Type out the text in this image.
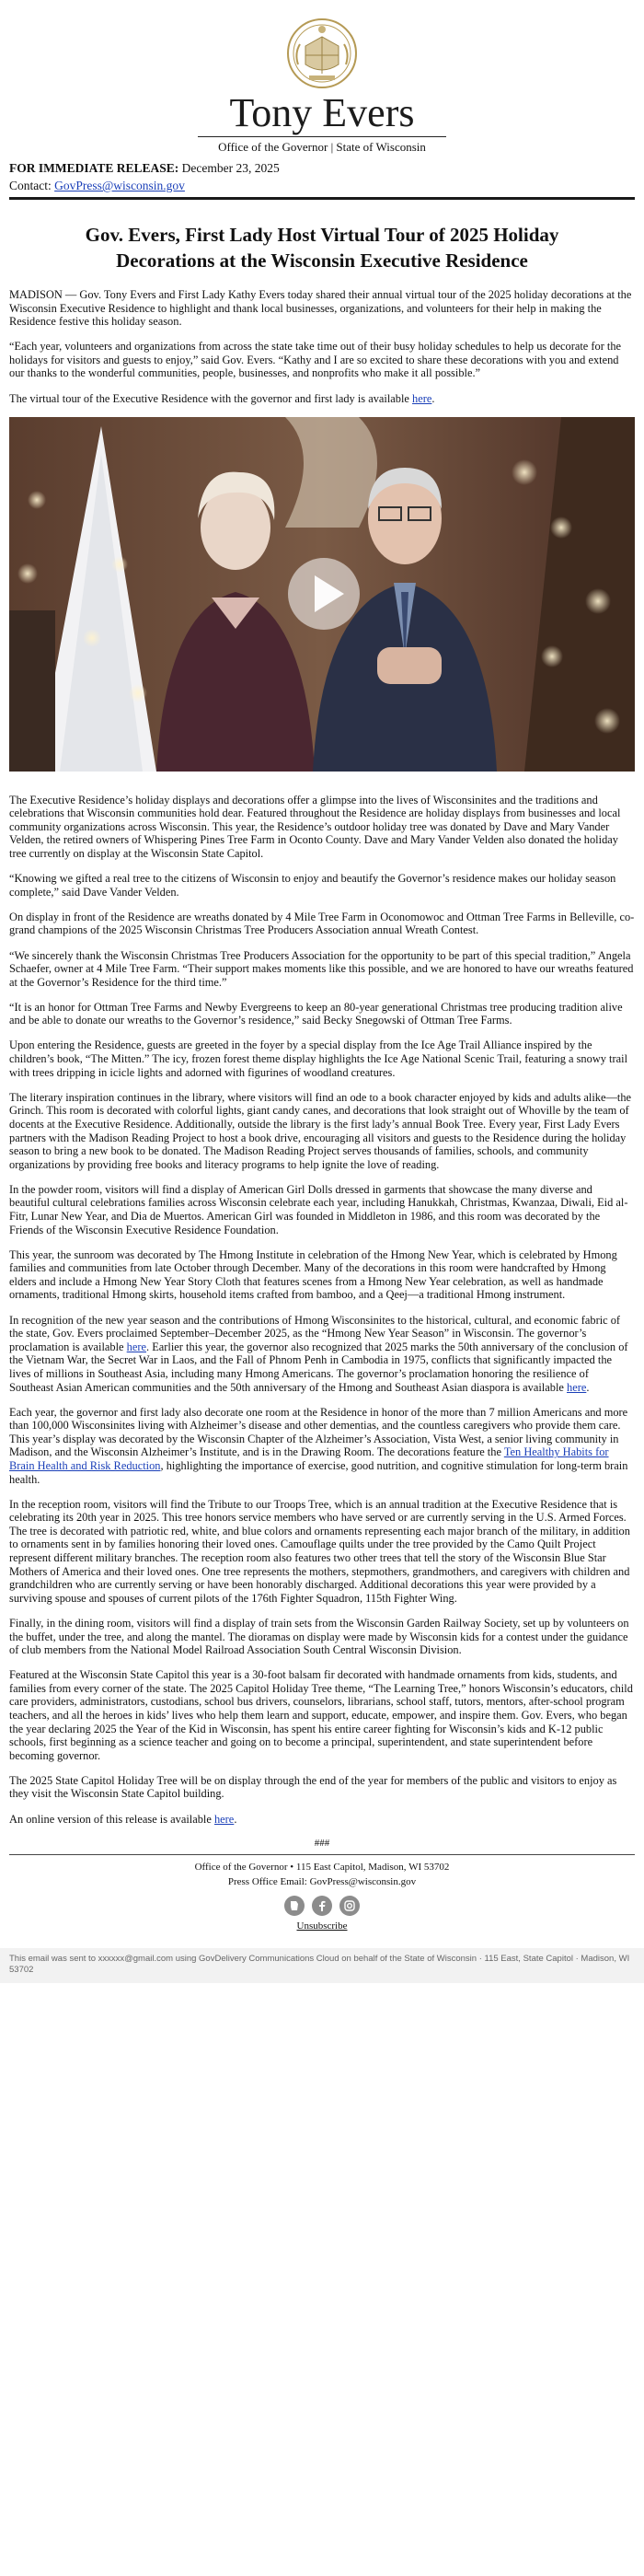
Tony Evers
Office of the Governor | State of Wisconsin

FOR IMMEDIATE RELEASE: December 23, 2025

Contact: GovPress@wisconsin.gov

Gov. Evers, First Lady Host Virtual Tour of 2025 Holiday Decorations at the Wisconsin Executive Residence

MADISON — Gov. Tony Evers and First Lady Kathy Evers today shared their annual virtual tour of the 2025 holiday decorations at the Wisconsin Executive Residence to highlight and thank local businesses, organizations, and volunteers for their help in making the Residence festive this holiday season.

“Each year, volunteers and organizations from across the state take time out of their busy holiday schedules to help us decorate for the holidays for visitors and guests to enjoy,” said Gov. Evers. “Kathy and I are so excited to share these decorations with you and extend our thanks to the wonderful communities, people, businesses, and nonprofits who make it all possible.”

The virtual tour of the Executive Residence with the governor and first lady is available here.

The Executive Residence’s holiday displays and decorations offer a glimpse into the lives of Wisconsinites and the traditions and celebrations that Wisconsin communities hold dear. Featured throughout the Residence are holiday displays from businesses and local community organizations across Wisconsin. This year, the Residence’s outdoor holiday tree was donated by Dave and Mary Vander Velden, the retired owners of Whispering Pines Tree Farm in Oconto County. Dave and Mary Vander Velden also donated the holiday tree currently on display at the Wisconsin State Capitol.

“Knowing we gifted a real tree to the citizens of Wisconsin to enjoy and beautify the Governor’s residence makes our holiday season complete,” said Dave Vander Velden.

On display in front of the Residence are wreaths donated by 4 Mile Tree Farm in Oconomowoc and Ottman Tree Farms in Belleville, co-grand champions of the 2025 Wisconsin Christmas Tree Producers Association annual Wreath Contest.

“We sincerely thank the Wisconsin Christmas Tree Producers Association for the opportunity to be part of this special tradition,” Angela Schaefer, owner at 4 Mile Tree Farm. “Their support makes moments like this possible, and we are honored to have our wreaths featured at the Governor’s Residence for the third time.”

“It is an honor for Ottman Tree Farms and Newby Evergreens to keep an 80-year generational Christmas tree producing tradition alive and be able to donate our wreaths to the Governor’s residence,” said Becky Snegowski of Ottman Tree Farms.

Upon entering the Residence, guests are greeted in the foyer by a special display from the Ice Age Trail Alliance inspired by the children’s book, “The Mitten.” The icy, frozen forest theme display highlights the Ice Age National Scenic Trail, featuring a snowy trail with trees dripping in icicle lights and adorned with figurines of woodland creatures.

The literary inspiration continues in the library, where visitors will find an ode to a book character enjoyed by kids and adults alike—the Grinch. This room is decorated with colorful lights, giant candy canes, and decorations that look straight out of Whoville by the team of docents at the Executive Residence. Additionally, outside the library is the first lady’s annual Book Tree. Every year, First Lady Evers partners with the Madison Reading Project to host a book drive, encouraging all visitors and guests to the Residence during the holiday season to bring a new book to be donated. The Madison Reading Project serves thousands of families, schools, and community organizations by providing free books and literacy programs to help ignite the love of reading.

In the powder room, visitors will find a display of American Girl Dolls dressed in garments that showcase the many diverse and beautiful cultural celebrations families across Wisconsin celebrate each year, including Hanukkah, Christmas, Kwanzaa, Diwali, Eid al-Fitr, Lunar New Year, and Dia de Muertos. American Girl was founded in Middleton in 1986, and this room was decorated by the Friends of the Wisconsin Executive Residence Foundation.

This year, the sunroom was decorated by The Hmong Institute in celebration of the Hmong New Year, which is celebrated by Hmong families and communities from late October through December. Many of the decorations in this room were handcrafted by Hmong elders and include a Hmong New Year Story Cloth that features scenes from a Hmong New Year celebration, as well as handmade ornaments, traditional Hmong skirts, household items crafted from bamboo, and a Qeej—a traditional Hmong instrument.

In recognition of the new year season and the contributions of Hmong Wisconsinites to the historical, cultural, and economic fabric of the state, Gov. Evers proclaimed September–December 2025, as the “Hmong New Year Season” in Wisconsin. The governor’s proclamation is available here. Earlier this year, the governor also recognized that 2025 marks the 50th anniversary of the conclusion of the Vietnam War, the Secret War in Laos, and the Fall of Phnom Penh in Cambodia in 1975, conflicts that significantly impacted the lives of millions in Southeast Asia, including many Hmong Americans. The governor’s proclamation honoring the resilience of Southeast Asian American communities and the 50th anniversary of the Hmong and Southeast Asian diaspora is available here.

Each year, the governor and first lady also decorate one room at the Residence in honor of the more than 7 million Americans and more than 100,000 Wisconsinites living with Alzheimer’s disease and other dementias, and the countless caregivers who provide them care. This year’s display was decorated by the Wisconsin Chapter of the Alzheimer’s Association, Vista West, a senior living community in Madison, and the Wisconsin Alzheimer’s Institute, and is in the Drawing Room. The decorations feature the Ten Healthy Habits for Brain Health and Risk Reduction, highlighting the importance of exercise, good nutrition, and cognitive stimulation for long-term brain health.

In the reception room, visitors will find the Tribute to our Troops Tree, which is an annual tradition at the Executive Residence that is celebrating its 20th year in 2025. This tree honors service members who have served or are currently serving in the U.S. Armed Forces. The tree is decorated with patriotic red, white, and blue colors and ornaments representing each major branch of the military, in addition to ornaments sent in by families honoring their loved ones. Camouflage quilts under the tree provided by the Camo Quilt Project represent different military branches. The reception room also features two other trees that tell the story of the Wisconsin Blue Star Mothers of America and their loved ones. One tree represents the mothers, stepmothers, grandmothers, and caregivers with children and grandchildren who are currently serving or have been honorably discharged. Additional decorations this year were provided by a surviving spouse and spouses of current pilots of the 176th Fighter Squadron, 115th Fighter Wing.

Finally, in the dining room, visitors will find a display of train sets from the Wisconsin Garden Railway Society, set up by volunteers on the buffet, under the tree, and along the mantel. The dioramas on display were made by Wisconsin kids for a contest under the guidance of club members from the National Model Railroad Association South Central Wisconsin Division.

Featured at the Wisconsin State Capitol this year is a 30-foot balsam fir decorated with handmade ornaments from kids, students, and families from every corner of the state. The 2025 Capitol Holiday Tree theme, “The Learning Tree,” honors Wisconsin’s educators, child care providers, administrators, custodians, school bus drivers, counselors, librarians, school staff, tutors, mentors, after-school program teachers, and all the heroes in kids’ lives who help them learn and support, educate, empower, and inspire them. Gov. Evers, who began the year declaring 2025 the Year of the Kid in Wisconsin, has spent his entire career fighting for Wisconsin’s kids and K-12 public schools, first beginning as a science teacher and going on to become a principal, superintendent, and state superintendent before becoming governor.

The 2025 State Capitol Holiday Tree will be on display through the end of the year for members of the public and visitors to enjoy as they visit the Wisconsin State Capitol building.

An online version of this release is available here.

###
Office of the Governor • 115 East Capitol, Madison, WI 53702
Press Office Email: GovPress@wisconsin.gov
Unsubscribe
This email was sent to xxxxxx@gmail.com using GovDelivery Communications Cloud on behalf of the State of Wisconsin · 115 East, State Capitol · Madison, WI 53702
